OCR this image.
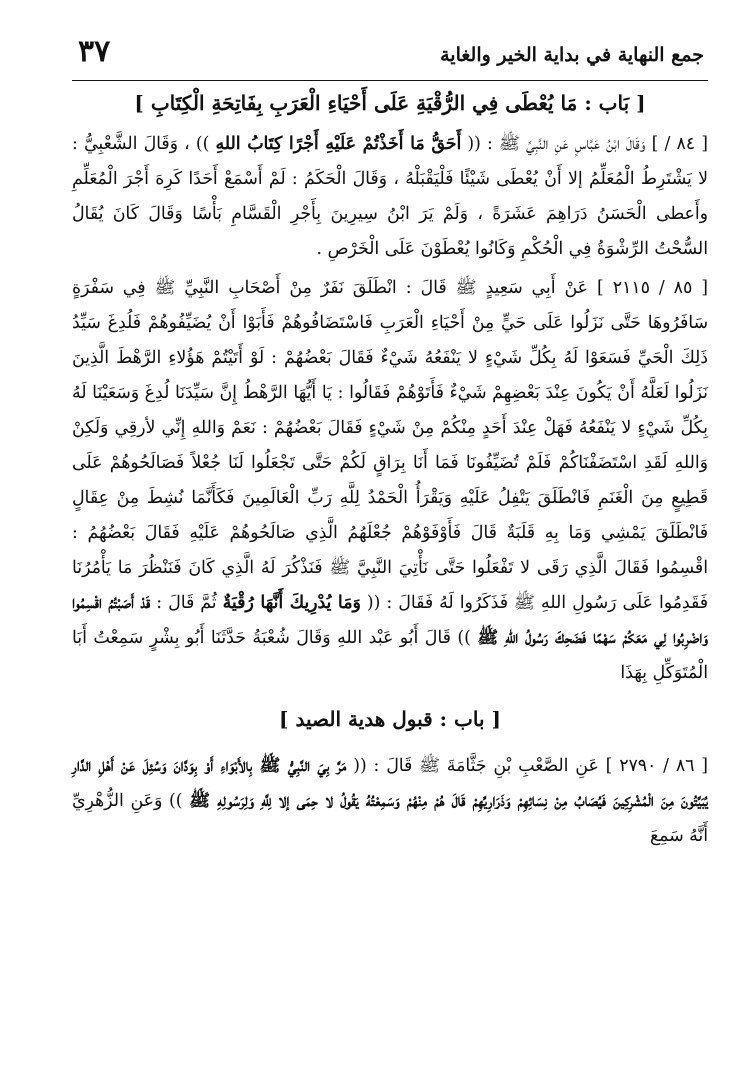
جمع النهاية في بداية الخير والغاية
٣٧
[ بَاب : مَا يُعْطَى فِي الرُّقْيَةِ عَلَى أَحْيَاءِ الْعَرَبِ بِفَاتِحَةِ الْكِتَابِ ]

[ ٨٤ / ] وَقَالَ ابْنُ عَبَّاسٍ عَنِ النَّبِيِّ ﷺ : (( أَحَقُّ مَا أَخَذْتُمْ عَلَيْهِ أَجْرًا كِتَابُ اللهِ )) ، وَقَالَ الشَّعْبِيُّ : لا يَشْتَرِطُ الْمُعَلِّمُ إلا أَنْ يُعْطَى شَيْئًا فَلْيَقْبَلْهُ ، وَقَالَ الْحَكَمُ : لَمْ أَسْمَعْ أَحَدًا كَرِهَ أَجْرَ الْمُعَلِّمِ وأَعطى الْحَسَنُ دَرَاهِمَ عَشَرَةً ، وَلَمْ يَرَ ابْنُ سِيرِينَ بِأَجْرِ الْقَسَّامِ بَأْسًا وَقَالَ كَانَ يُقَالُ السُّحْتُ الرِّشْوَةُ فِي الْحُكْمِ وَكَانُوا يُعْطَوْنَ عَلَى الْخَرْصِ .

[ ٨٥ / ٢١١٥ ] عَنْ أَبِي سَعِيدٍ ﷺ قَالَ : انْطَلَقَ نَفَرٌ مِنْ أَصْحَابِ النَّبِيِّ ﷺ فِي سَفْرَةٍ سَافَرُوهَا حَتَّى نَزَلُوا عَلَى حَيٍّ مِنْ أَحْيَاءِ الْعَرَبِ فَاسْتَضَافُوهُمْ فَأَبَوْا أَنْ يُضَيِّفُوهُمْ فَلُدِغَ سَيِّدُ ذَلِكَ الْحَيِّ فَسَعَوْا لَهُ بِكُلِّ شَيْءٍ لا يَنْفَعُهُ شَيْءٌ فَقَالَ بَعْضُهُمْ : لَوْ أَتَيْتُمْ هَؤُلاءِ الرَّهْطَ الَّذِينَ نَزَلُوا لَعَلَّهُ أَنْ يَكُونَ عِنْدَ بَعْضِهِمْ شَيْءٌ فَأَتَوْهُمْ فَقَالُوا : يَا أَيُّهَا الرَّهْطُ إِنَّ سَيِّدَنَا لُدِغَ وَسَعَيْنَا لَهُ بِكُلِّ شَيْءٍ لا يَنْفَعُهُ فَهَلْ عِنْدَ أَحَدٍ مِنْكُمْ مِنْ شَيْءٍ فَقَالَ بَعْضُهُمْ : نَعَمْ وَاللهِ إِنِّي لأرقِي وَلَكِنْ وَاللهِ لَقَدِ اسْتَضَفْنَاكُمْ فَلَمْ تُضَيِّفُونَا فَمَا أَنَا بِرَاقٍ لَكُمْ حَتَّى تَجْعَلُوا لَنَا جُعْلاً فَصَالَحُوهُمْ عَلَى قَطِيعٍ مِنَ الْغَنَمِ فَانْطَلَقَ يَتْفِلُ عَلَيْهِ وَيَقْرَأُ الْحَمْدُ لِلَّهِ رَبِّ الْعَالَمِينَ فَكَأَنَّمَا نُشِطَ مِنْ عِقَالٍ فَانْطَلَقَ يَمْشِي وَمَا بِهِ قَلَبَةٌ قَالَ فَأَوْفَوْهُمْ جُعْلَهُمُ الَّذِي صَالَحُوهُمْ عَلَيْهِ فَقَالَ بَعْضُهُمُ : اقْسِمُوا فَقَالَ الَّذِي رَقَى لا تَفْعَلُوا حَتَّى نَأْتِيَ النَّبِيَّ ﷺ فَنَذْكُرَ لَهُ الَّذِي كَانَ فَنَنْظُرَ مَا يَأْمُرُنَا فَقَدِمُوا عَلَى رَسُولِ اللهِ ﷺ فَذَكَرُوا لَهُ فَقَالَ : (( وَمَا يُدْرِيكَ أَنَّهَا رُقْيَةٌ ثُمَّ قَالَ : قَدْ أَصَبْتُمُ اقْسِمُوا وَاضْرِبُوا لِي مَعَكُمْ سَهْمًا فَضَحِكَ رَسُولُ اللهِ ﷺ )) قَالَ أَبُو عَبْد اللهِ وَقَالَ شُعْبَةُ حَدَّثَنَا أَبُو بِشْرٍ سَمِعْتُ أَبَا الْمُتَوَكِّلِ بِهَذَا

[ باب : قبول هدية الصيد ]

[ ٨٦ / ٢٧٩٠ ] عَنِ الصَّعْبِ بْنِ جَثَّامَةَ ﷺ قَالَ : (( مَرَّ بِيَ النَّبِيُّ ﷺ بِالأَبْوَاءِ أَوْ بِوَدَّانَ وَسُئِلَ عَنْ أَهْلِ الدَّارِ يُبَيَّتُونَ مِنَ الْمُشْرِكِينَ فَيُصَابُ مِنْ نِسَائِهِمْ وَذَرَارِيِّهِمْ قَالَ هُمْ مِنْهُمْ وَسَمِعْتُهُ يَقُولُ لا حِمَى إلا لِلَّهِ وَلِرَسُولِهِ ﷺ )) وَعَنِ الزُّهْرِيِّ أَنَّهُ سَمِعَ
